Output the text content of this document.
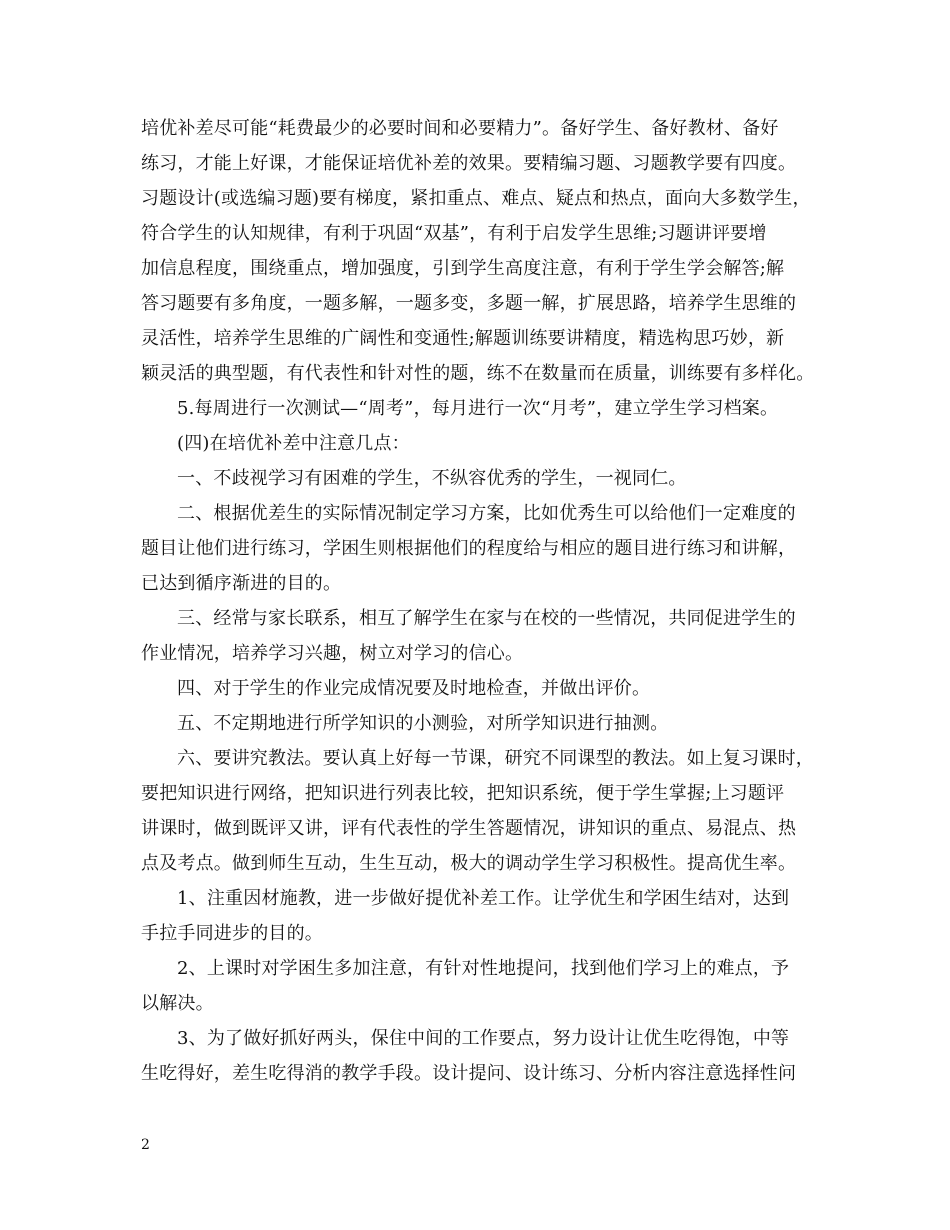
培优补差尽可能“耗费最少的必要时间和必要精力”。备好学生、备好教材、备好
练习，才能上好课，才能保证培优补差的效果。要精编习题、习题教学要有四度。
习题设计(或选编习题)要有梯度，紧扣重点、难点、疑点和热点，面向大多数学生，
符合学生的认知规律，有利于巩固“双基”，有利于启发学生思维;习题讲评要增
加信息程度，围绕重点，增加强度，引到学生高度注意，有利于学生学会解答;解
答习题要有多角度，一题多解，一题多变，多题一解，扩展思路，培养学生思维的
灵活性，培养学生思维的广阔性和变通性;解题训练要讲精度，精选构思巧妙，新
颖灵活的典型题，有代表性和针对性的题，练不在数量而在质量，训练要有多样化。
5.每周进行一次测试—“周考”，每月进行一次“月考”，建立学生学习档案。
(四)在培优补差中注意几点：
一、不歧视学习有困难的学生，不纵容优秀的学生，一视同仁。
二、根据优差生的实际情况制定学习方案，比如优秀生可以给他们一定难度的
题目让他们进行练习，学困生则根据他们的程度给与相应的题目进行练习和讲解，
已达到循序渐进的目的。
三、经常与家长联系，相互了解学生在家与在校的一些情况，共同促进学生的
作业情况，培养学习兴趣，树立对学习的信心。
四、对于学生的作业完成情况要及时地检查，并做出评价。
五、不定期地进行所学知识的小测验，对所学知识进行抽测。
六、要讲究教法。要认真上好每一节课，研究不同课型的教法。如上复习课时，
要把知识进行网络，把知识进行列表比较，把知识系统，便于学生掌握;上习题评
讲课时，做到既评又讲，评有代表性的学生答题情况，讲知识的重点、易混点、热
点及考点。做到师生互动，生生互动，极大的调动学生学习积极性。提高优生率。
1、注重因材施教，进一步做好提优补差工作。让学优生和学困生结对，达到
手拉手同进步的目的。
2、上课时对学困生多加注意，有针对性地提问，找到他们学习上的难点，予
以解决。
3、为了做好抓好两头，保住中间的工作要点，努力设计让优生吃得饱，中等
生吃得好，差生吃得消的教学手段。设计提问、设计练习、分析内容注意选择性问
2
